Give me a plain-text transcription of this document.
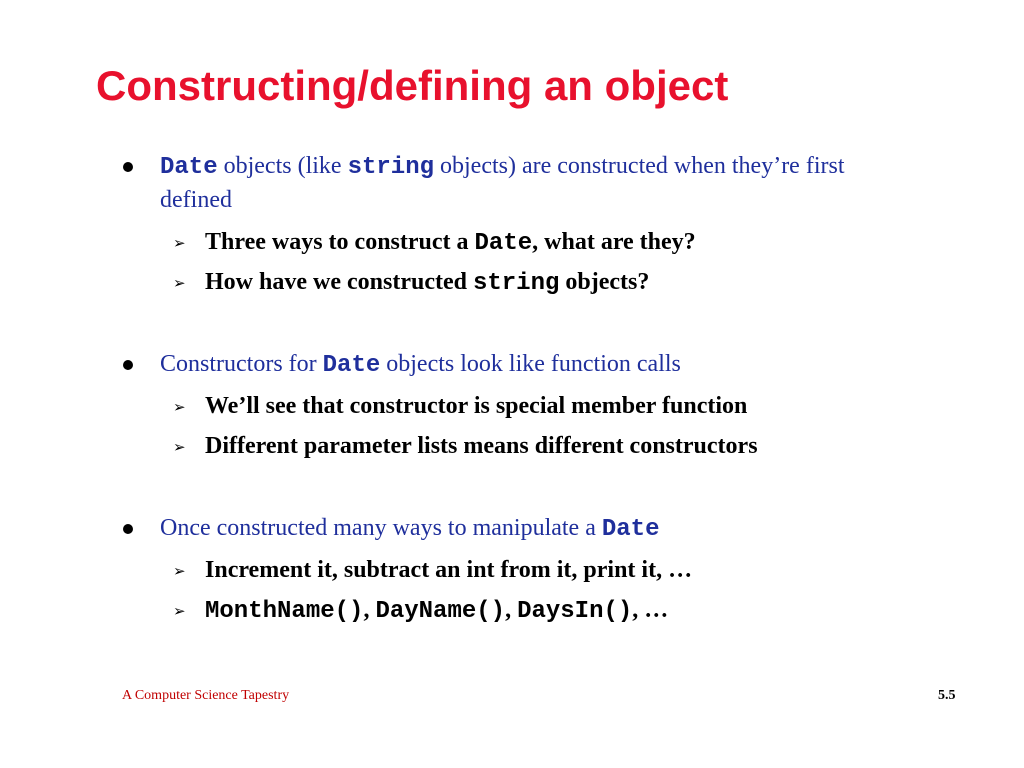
Constructing/defining an object
Date objects (like string objects) are constructed when they’re first defined
➢ Three ways to construct a Date, what are they?
➢ How have we constructed string objects?
Constructors for Date objects look like function calls
➢ We’ll see that constructor is special member function
➢ Different parameter lists means different constructors
Once constructed many ways to manipulate a Date
➢ Increment it, subtract an int from it, print it, …
➢ MonthName(), DayName(), DaysIn(), …
A Computer Science Tapestry	5.5
